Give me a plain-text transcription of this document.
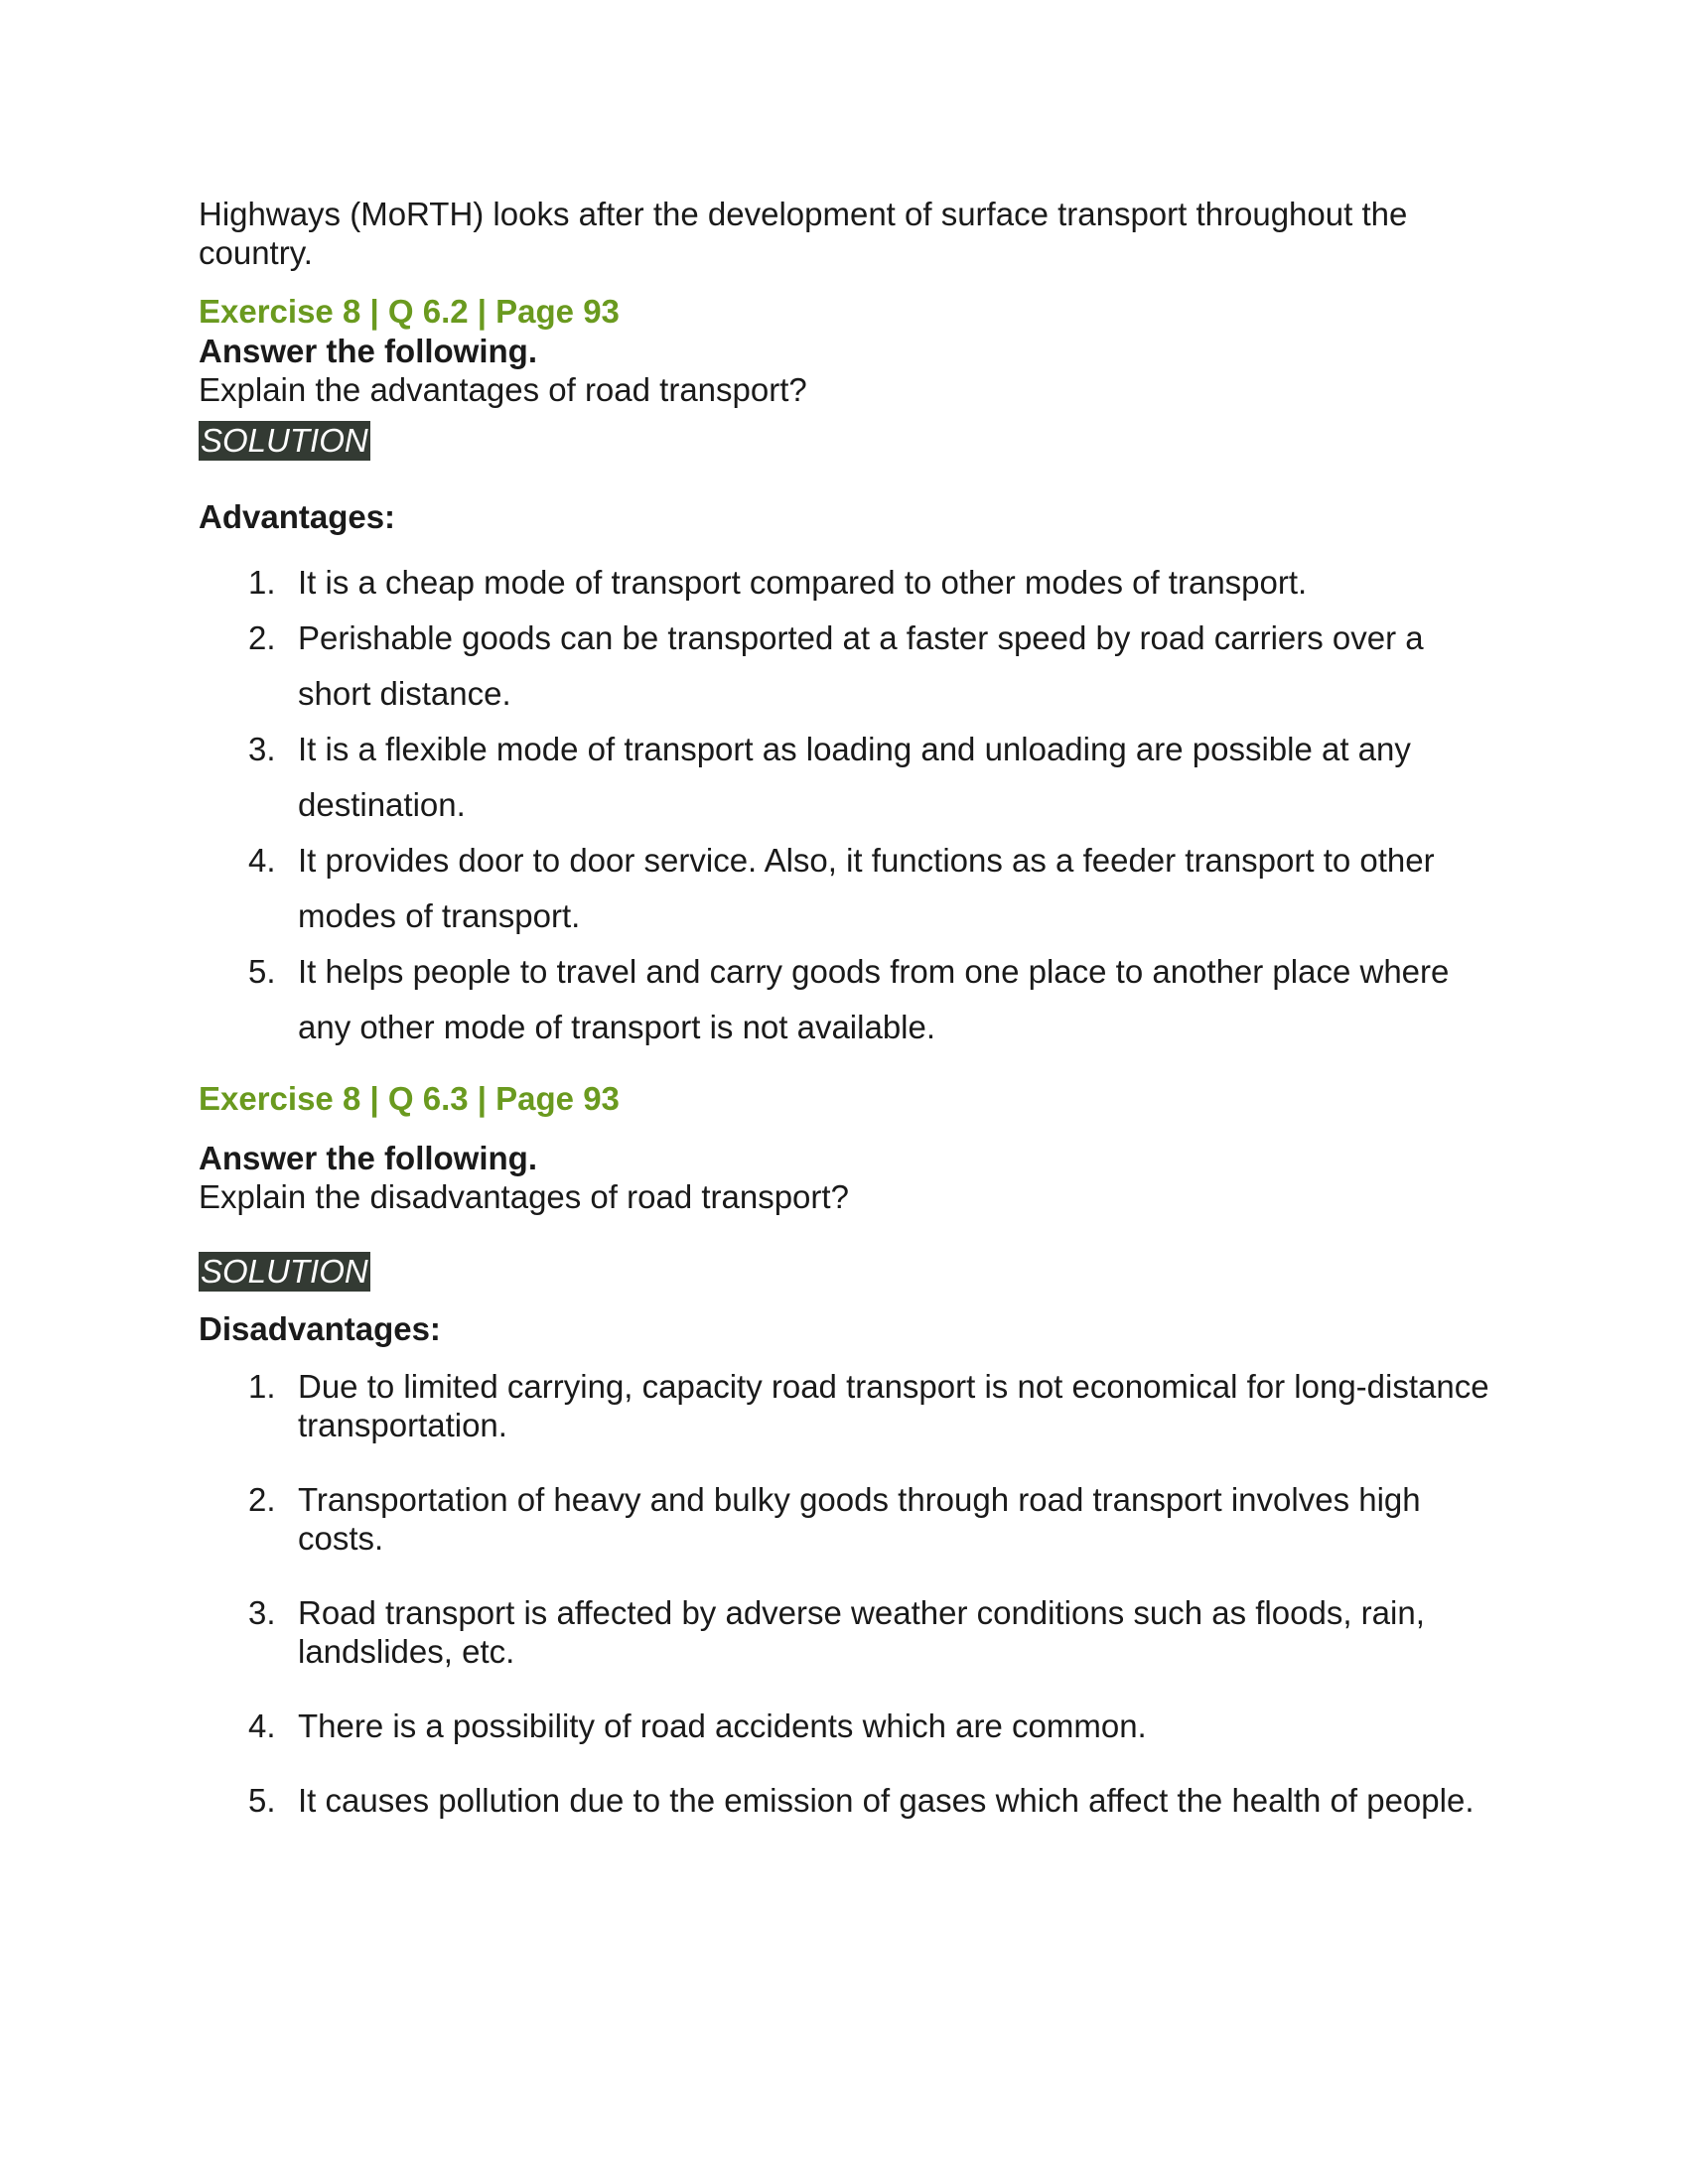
Highways (MoRTH) looks after the development of surface transport throughout the country.

Exercise 8 | Q 6.2 | Page 93

Answer the following.

Explain the advantages of road transport?

SOLUTION

Advantages:

1. It is a cheap mode of transport compared to other modes of transport.
2. Perishable goods can be transported at a faster speed by road carriers over a short distance.
3. It is a flexible mode of transport as loading and unloading are possible at any destination.
4. It provides door to door service. Also, it functions as a feeder transport to other modes of transport.
5. It helps people to travel and carry goods from one place to another place where any other mode of transport is not available.

Exercise 8 | Q 6.3 | Page 93

Answer the following.

Explain the disadvantages of road transport?

SOLUTION

Disadvantages:

1. Due to limited carrying, capacity road transport is not economical for long-distance transportation.
2. Transportation of heavy and bulky goods through road transport involves high costs.
3. Road transport is affected by adverse weather conditions such as floods, rain, landslides, etc.
4. There is a possibility of road accidents which are common.
5. It causes pollution due to the emission of gases which affect the health of people.
